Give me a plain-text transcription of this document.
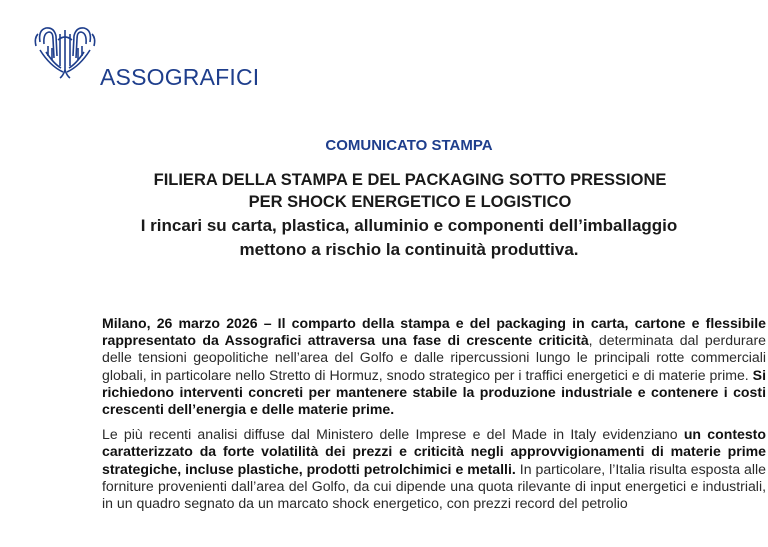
ASSOGRAFICI
COMUNICATO STAMPA
FILIERA DELLA STAMPA E DEL PACKAGING SOTTO PRESSIONE
PER SHOCK ENERGETICO E LOGISTICO
I rincari su carta, plastica, alluminio e componenti dell’imballaggio
mettono a rischio la continuità produttiva.

Milano, 26 marzo 2026 – Il comparto della stampa e del packaging in carta, cartone e flessibile rappresentato da Assografici attraversa una fase di crescente criticità, determinata dal perdurare delle tensioni geopolitiche nell’area del Golfo e dalle ripercussioni lungo le principali rotte commerciali globali, in particolare nello Stretto di Hormuz, snodo strategico per i traffici energetici e di materie prime. Si richiedono interventi concreti per mantenere stabile la produzione industriale e contenere i costi crescenti dell’energia e delle materie prime.

Le più recenti analisi diffuse dal Ministero delle Imprese e del Made in Italy evidenziano un contesto caratterizzato da forte volatilità dei prezzi e criticità negli approvvigionamenti di materie prime strategiche, incluse plastiche, prodotti petrolchimici e metalli. In particolare, l’Italia risulta esposta alle forniture provenienti dall’area del Golfo, da cui dipende una quota rilevante di input energetici e industriali, in un quadro segnato da un marcato shock energetico, con prezzi record del petrolio
